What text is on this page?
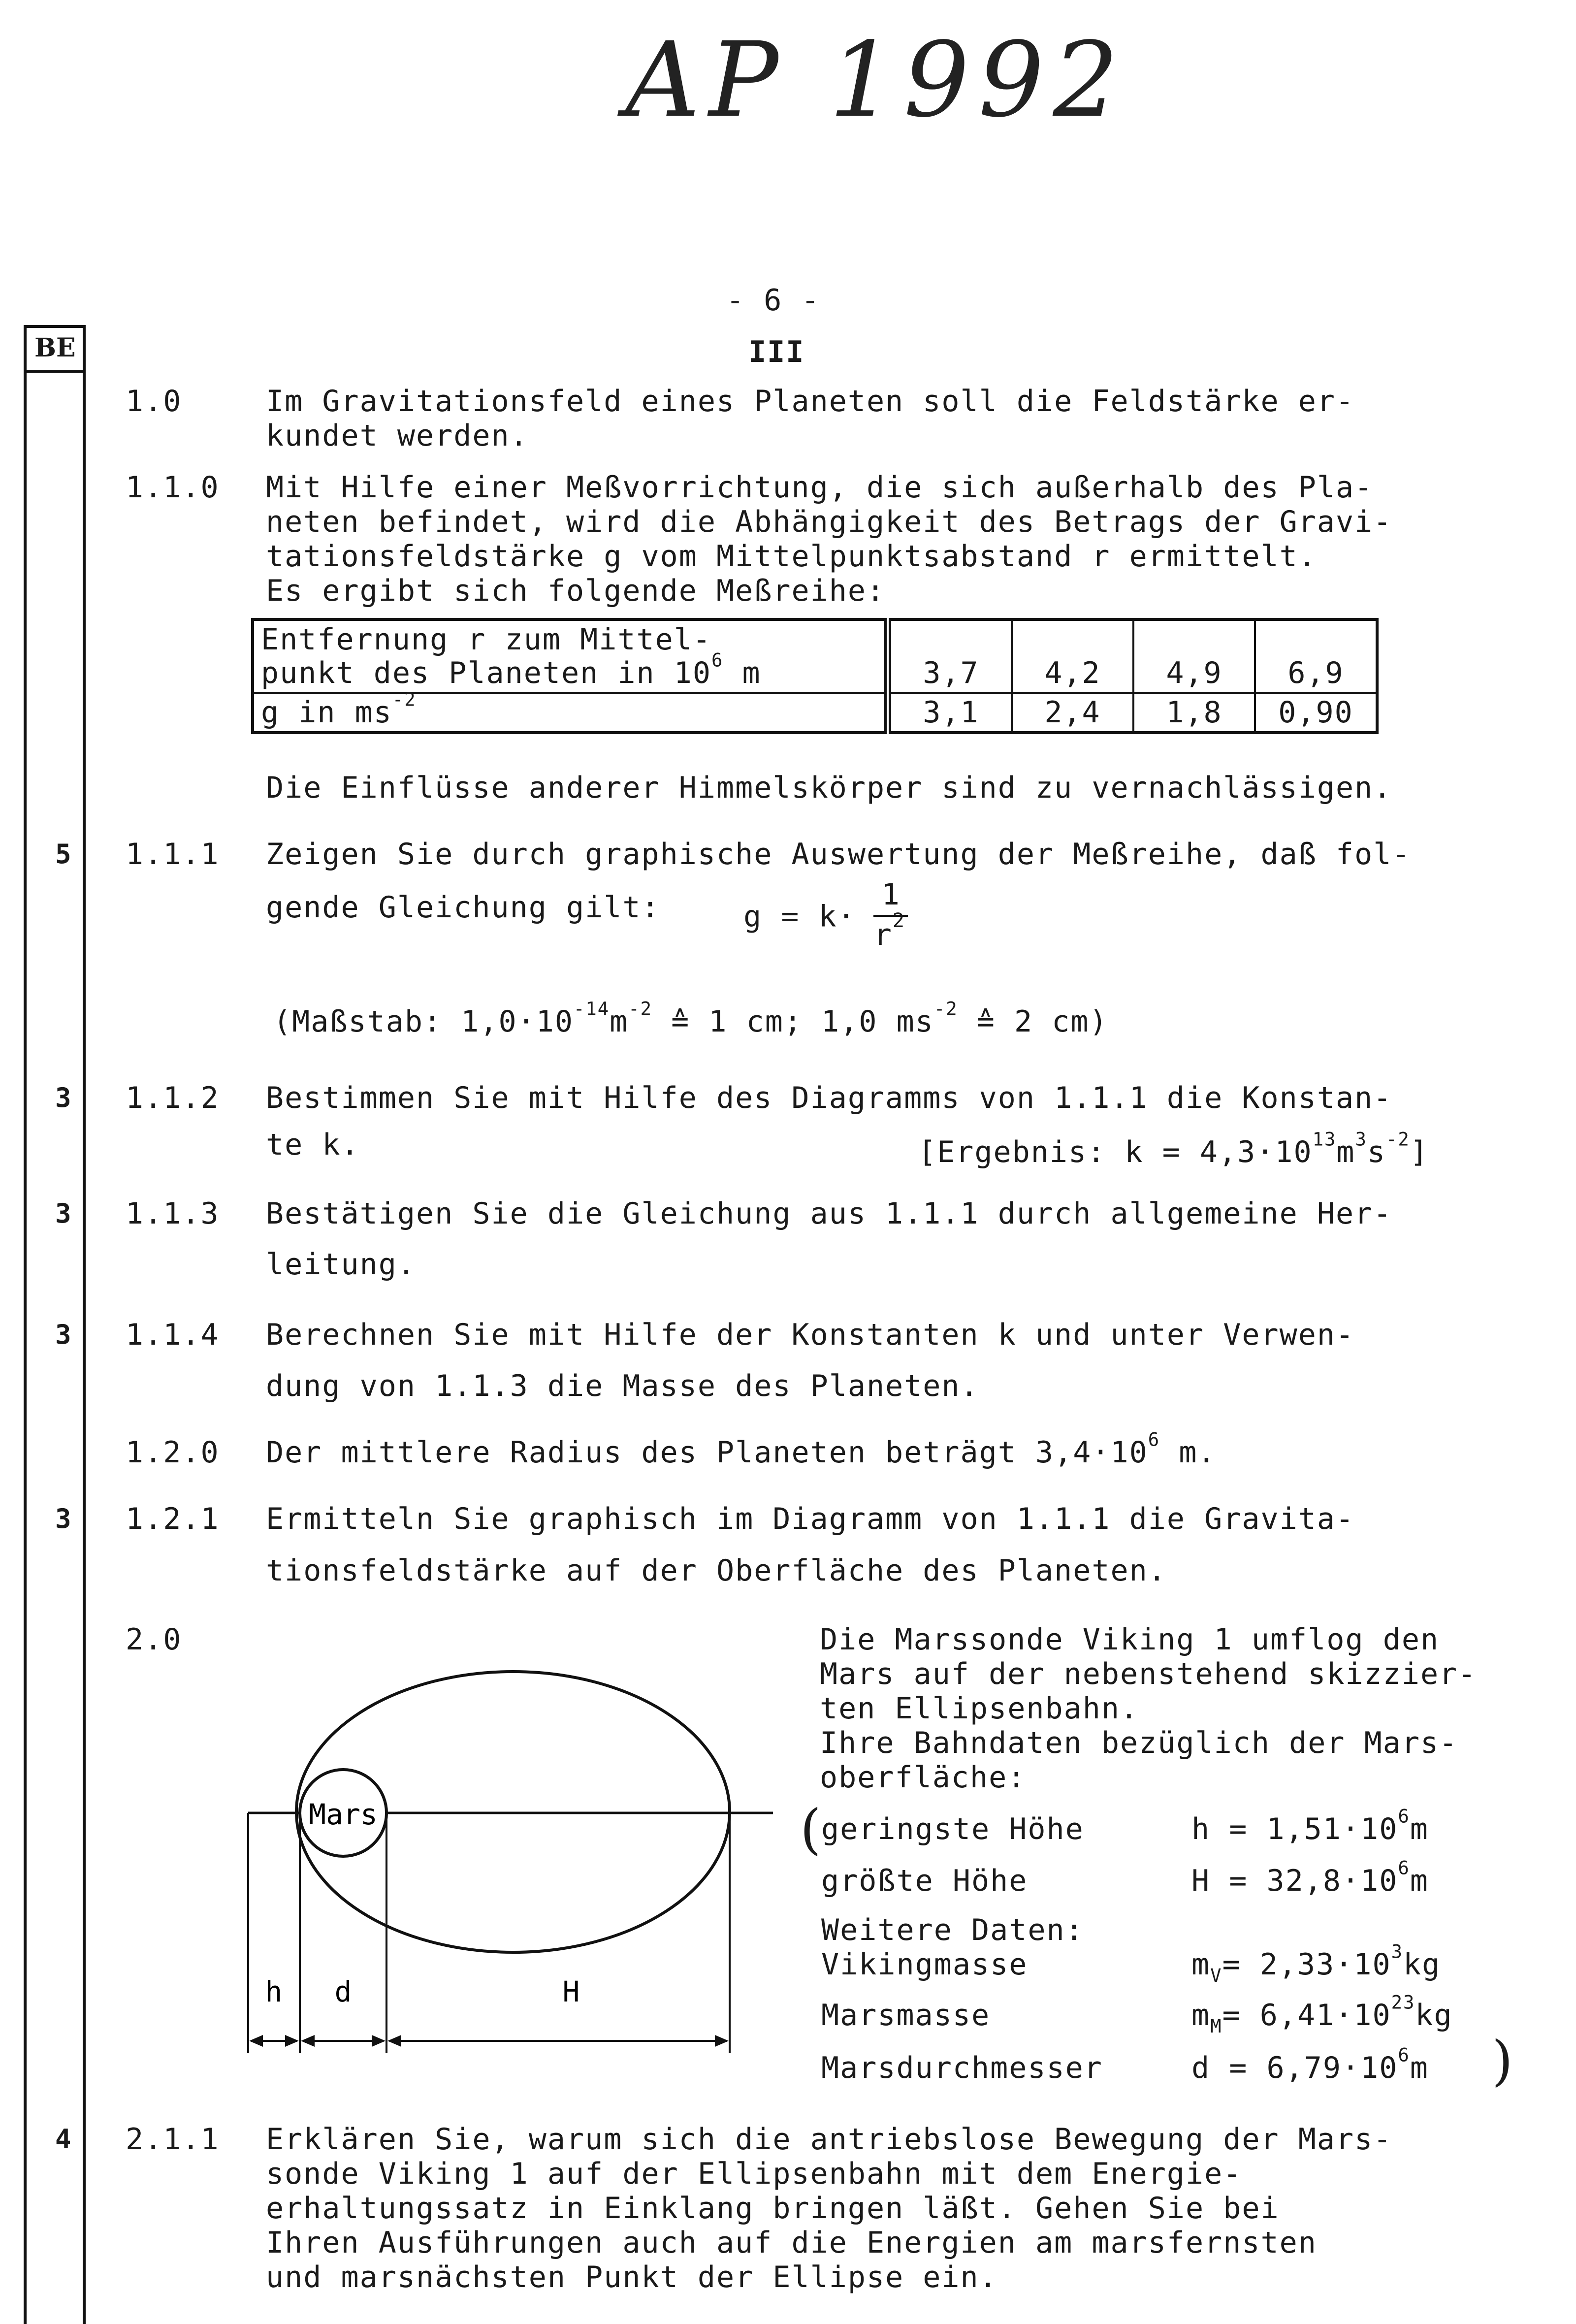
AP 1992
- 6 -
III
BE
1.0	Im Gravitationsfeld eines Planeten soll die Feldstärke er-
kundet werden.
1.1.0 Mit Hilfe einer Meßvorrichtung, die sich außerhalb des Pla-
neten befindet, wird die Abhängigkeit des Betrags der Gravi-
tationsfeldstärke g vom Mittelpunktsabstand r ermittelt.
Es ergibt sich folgende Meßreihe:
Entfernung r zum Mittel-
punkt des Planeten in $10^6$ m	3,7	4,2	4,9	6,9
g in $ms^{-2}$	3,1	2,4	1,8	0,90
Die Einflüsse anderer Himmelskörper sind zu vernachlässigen.
5 1.1.1 Zeigen Sie durch graphische Auswertung der Meßreihe, daß fol-
gende Gleichung gilt:	$g = k\cdot \frac{1}{r^2}$
(Maßstab: $1,0\cdot 10^{-14}m^{-2}$ ≙ 1 cm; 1,0 $ms^{-2}$ ≙ 2 cm)
3 1.1.2 Bestimmen Sie mit Hilfe des Diagramms von 1.1.1 die Konstan-
te k.	[Ergebnis: $k = 4,3\cdot 10^{13}m^3s^{-2}$]
3 1.1.3 Bestätigen Sie die Gleichung aus 1.1.1 durch allgemeine Her-
leitung.
3 1.1.4 Berechnen Sie mit Hilfe der Konstanten k und unter Verwen-
dung von 1.1.3 die Masse des Planeten.
1.2.0 Der mittlere Radius des Planeten beträgt $3,4\cdot 10^6$ m.
3 1.2.1 Ermitteln Sie graphisch im Diagramm von 1.1.1 die Gravita-
tionsfeldstärke auf der Oberfläche des Planeten.
2.0
Mars
h d	H
Die Marssonde Viking 1 umflog den
Mars auf der nebenstehend skizzier-
ten Ellipsenbahn.
Ihre Bahndaten bezüglich der Mars-
oberfläche:
( geringste Höhe	$h = 1,51\cdot 10^6m$
größte Höhe	$H = 32,8\cdot 10^6m$
Weitere Daten:
Vikingmasse	$m_V= 2,33\cdot 10^3kg$
Marsmasse	$m_M= 6,41\cdot 10^{23}kg$
Marsdurchmesser	$d = 6,79\cdot 10^6m$ )
4 2.1.1 Erklären Sie, warum sich die antriebslose Bewegung der Mars-
sonde Viking 1 auf der Ellipsenbahn mit dem Energie-
erhaltungssatz in Einklang bringen läßt. Gehen Sie bei
Ihren Ausführungen auch auf die Energien am marsfernsten
und marsnächsten Punkt der Ellipse ein.
